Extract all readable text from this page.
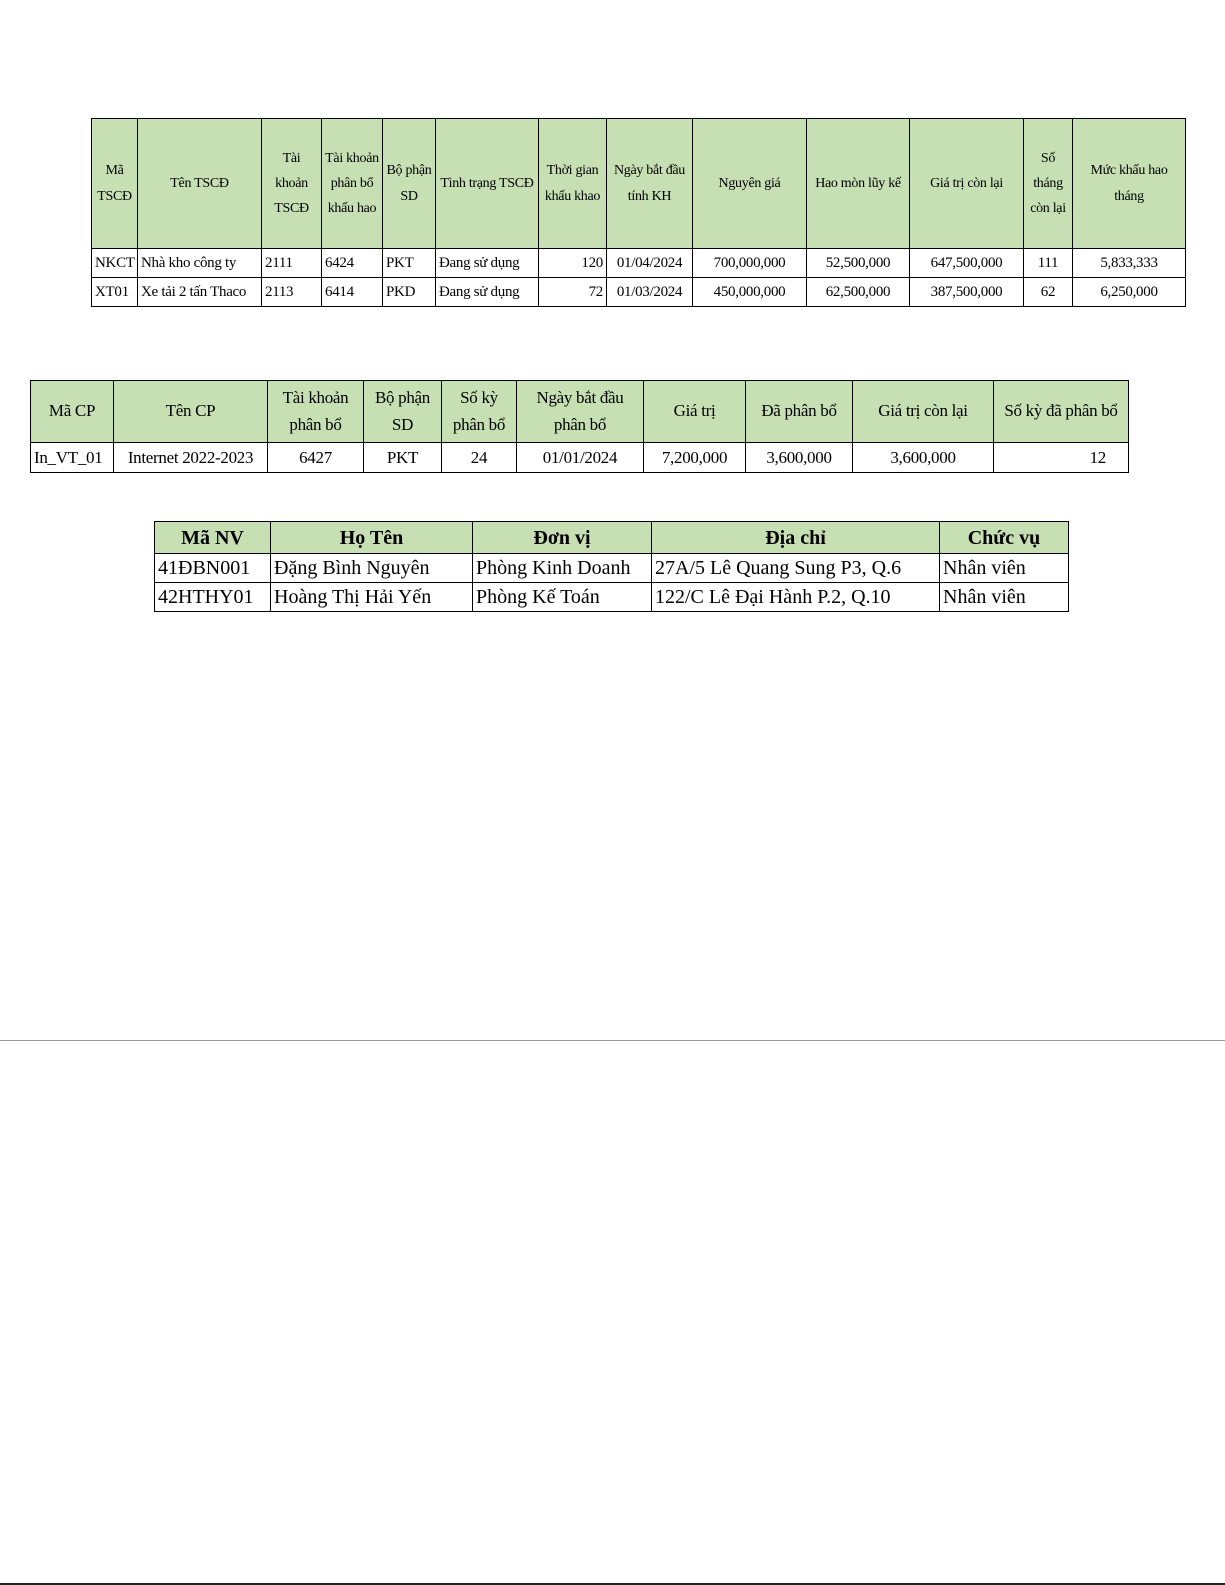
Mã TSCĐ	Tên TSCĐ	Tài khoản TSCĐ	Tài khoản phân bổ khấu hao	Bộ phận SD	Tình trạng TSCĐ	Thời gian khấu khao	Ngày bắt đầu tính KH	Nguyên giá	Hao mòn lũy kế	Giá trị còn lại	Số tháng còn lại	Mức khấu hao tháng
NKCT	Nhà kho công ty	2111	6424	PKT	Đang sử dụng	120	01/04/2024	700,000,000	52,500,000	647,500,000	111	5,833,333
XT01	Xe tải 2 tấn Thaco	2113	6414	PKD	Đang sử dụng	72	01/03/2024	450,000,000	62,500,000	387,500,000	62	6,250,000
Mã CP	Tên CP	Tài khoản phân bổ	Bộ phận SD	Số kỳ phân bổ	Ngày bắt đầu phân bổ	Giá trị	Đã phân bổ	Giá trị còn lại	Số kỳ đã phân bổ
In_VT_01	Internet 2022-2023	6427	PKT	24	01/01/2024	7,200,000	3,600,000	3,600,000	12
Mã NV	Họ Tên	Đơn vị	Địa chỉ	Chức vụ
41ĐBN001	Đặng Bình Nguyên	Phòng Kinh Doanh	27A/5 Lê Quang Sung P3, Q.6	Nhân viên
42HTHY01	Hoàng Thị Hải Yến	Phòng Kế Toán	122/C Lê Đại Hành P.2, Q.10	Nhân viên
